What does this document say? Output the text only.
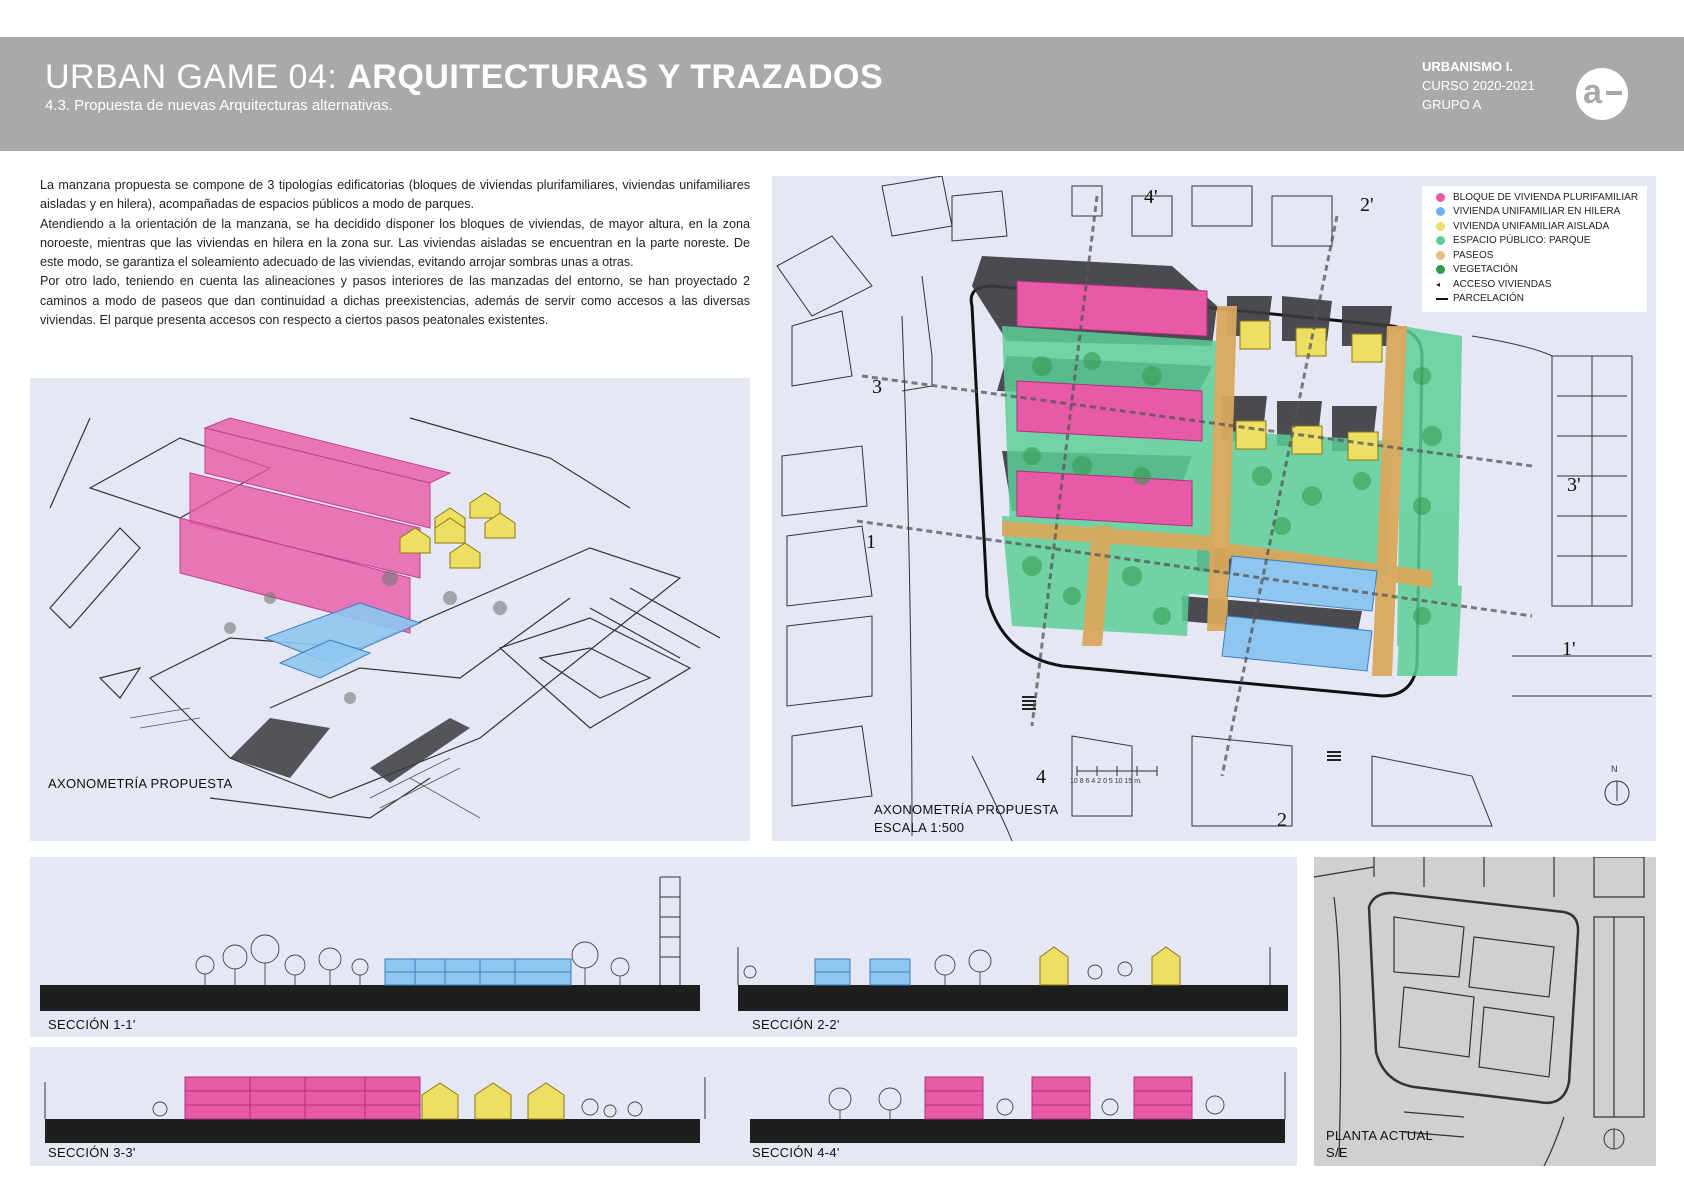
URBAN GAME 04: ARQUITECTURAS Y TRAZADOS
4.3. Propuesta de nuevas Arquitecturas alternativas.
URBANISMO I.
CURSO 2020-2021
GRUPO A	a

La manzana propuesta se compone de 3 tipologías edificatorias (bloques de viviendas plurifamiliares, viviendas unifamiliares aisladas y en hilera), acompañadas de espacios públicos a modo de parques.

Atendiendo a la orientación de la manzana, se ha decidido disponer los bloques de viviendas, de mayor altura, en la zona noroeste, mientras que las viviendas en hilera en la zona sur. Las viviendas aisladas se encuentran en la parte noreste. De este modo, se garantiza el soleamiento adecuado de las viviendas, evitando arrojar sombras unas a otras.

Por otro lado, teniendo en cuenta las alineaciones y pasos interiores de las manzadas del entorno, se han proyectado 2 caminos a modo de paseos que dan continuidad a dichas preexistencias, además de servir como accesos a las diversas viviendas. El parque presenta accesos con respecto a ciertos pasos peatonales existentes.

AXONOMETRÍA PROPUESTA
BLOQUE DE VIVIENDA PLURIFAMILIAR
VIVIENDA UNIFAMILIAR EN HILERA
VIVIENDA UNIFAMILIAR AISLADA
ESPACIO PÚBLICO: PARQUE
PASEOS
VEGETACIÓN
◂	ACCESO VIVIENDAS
PARCELACIÓN
4'	2'
3
3'
1
1'
4
2
AXONOMETRÍA PROPUESTA
ESCALA 1:500
10 8 6 4 2 0 5 10 15 m.
N
SECCIÓN 1-1'	SECCIÓN 2-2'
SECCIÓN 3-3'	SECCIÓN 4-4'
PLANTA ACTUAL
S/E
